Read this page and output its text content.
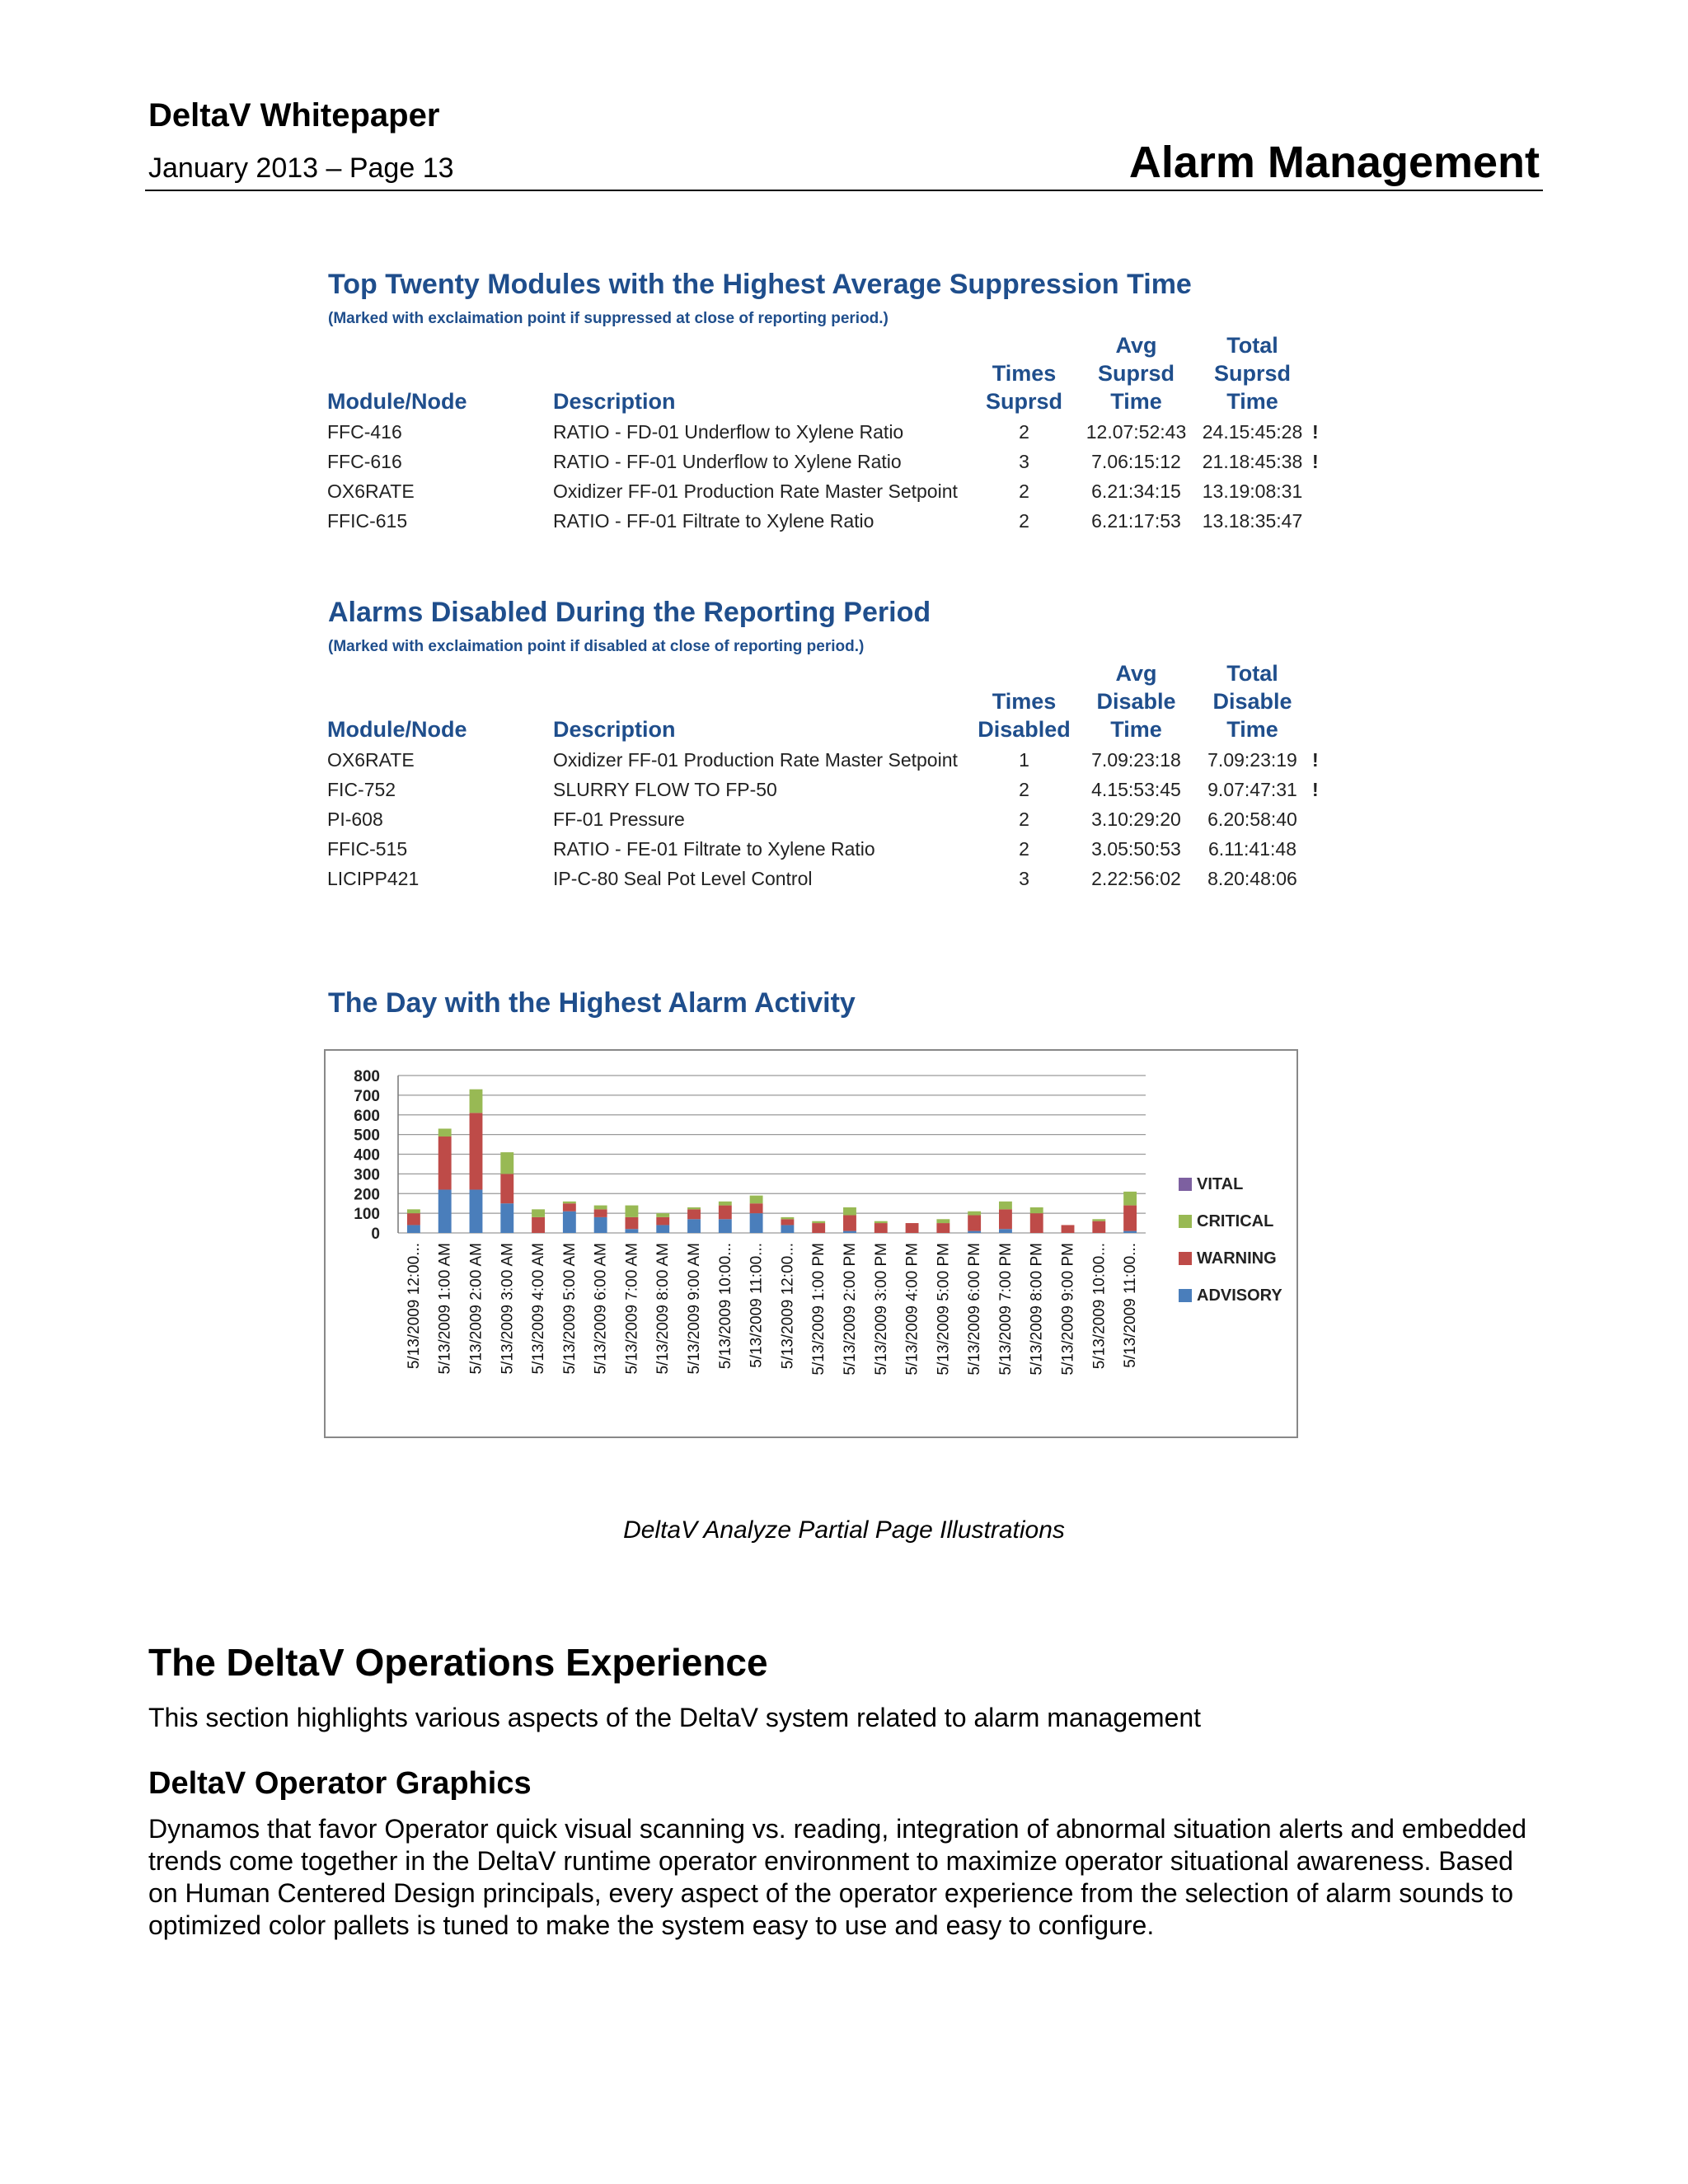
DeltaV Whitepaper
January 2013 – Page 13	Alarm Management
Top Twenty Modules with the Highest Average Suppression Time
(Marked with exclaimation point if suppressed at close of reporting period.)
Module/Node	Description	Times Suprsd	Avg Suprsd Time	Total Suprsd Time	
FFC-416	RATIO - FD-01 Underflow to Xylene Ratio	2	12.07:52:43	24.15:45:28	!
FFC-616	RATIO - FF-01 Underflow to Xylene Ratio	3	7.06:15:12	21.18:45:38	!
OX6RATE	Oxidizer FF-01 Production Rate Master Setpoint	2	6.21:34:15	13.19:08:31	
FFIC-615	RATIO - FF-01 Filtrate to Xylene Ratio	2	6.21:17:53	13.18:35:47	
Alarms Disabled During the Reporting Period
(Marked with exclaimation point if disabled at close of reporting period.)
Module/Node	Description	Times Disabled	Avg Disable Time	Total Disable Time	
OX6RATE	Oxidizer FF-01 Production Rate Master Setpoint	1	7.09:23:18	7.09:23:19	!
FIC-752	SLURRY FLOW TO FP-50	2	4.15:53:45	9.07:47:31	!
PI-608	FF-01 Pressure	2	3.10:29:20	6.20:58:40	
FFIC-515	RATIO - FE-01 Filtrate to Xylene Ratio	2	3.05:50:53	6.11:41:48	
LICIPP421	IP-C-80 Seal Pot Level Control	3	2.22:56:02	8.20:48:06	
The Day with the Highest Alarm Activity
0
100
200
300
400
500
600
700
800
5/13/2009 12:00... 5/13/2009 1:00 AM 5/13/2009 2:00 AM 5/13/2009 3:00 AM 5/13/2009 4:00 AM 5/13/2009 5:00 AM 5/13/2009 6:00 AM 5/13/2009 7:00 AM 5/13/2009 8:00 AM 5/13/2009 9:00 AM 5/13/2009 10:00... 5/13/2009 11:00... 5/13/2009 12:00... 5/13/2009 1:00 PM 5/13/2009 2:00 PM 5/13/2009 3:00 PM 5/13/2009 4:00 PM 5/13/2009 5:00 PM 5/13/2009 6:00 PM 5/13/2009 7:00 PM 5/13/2009 8:00 PM 5/13/2009 9:00 PM 5/13/2009 10:00... 5/13/2009 11:00...
VITAL
CRITICAL
WARNING
ADVISORY
DeltaV Analyze Partial Page Illustrations
The DeltaV Operations Experience
This section highlights various aspects of the DeltaV system related to alarm management
DeltaV Operator Graphics
Dynamos that favor Operator quick visual scanning vs. reading, integration of abnormal situation alerts and embedded trends come together in the DeltaV runtime operator environment to maximize operator situational awareness. Based on Human Centered Design principals, every aspect of the operator experience from the selection of alarm sounds to optimized color pallets is tuned to make the system easy to use and easy to configure.
